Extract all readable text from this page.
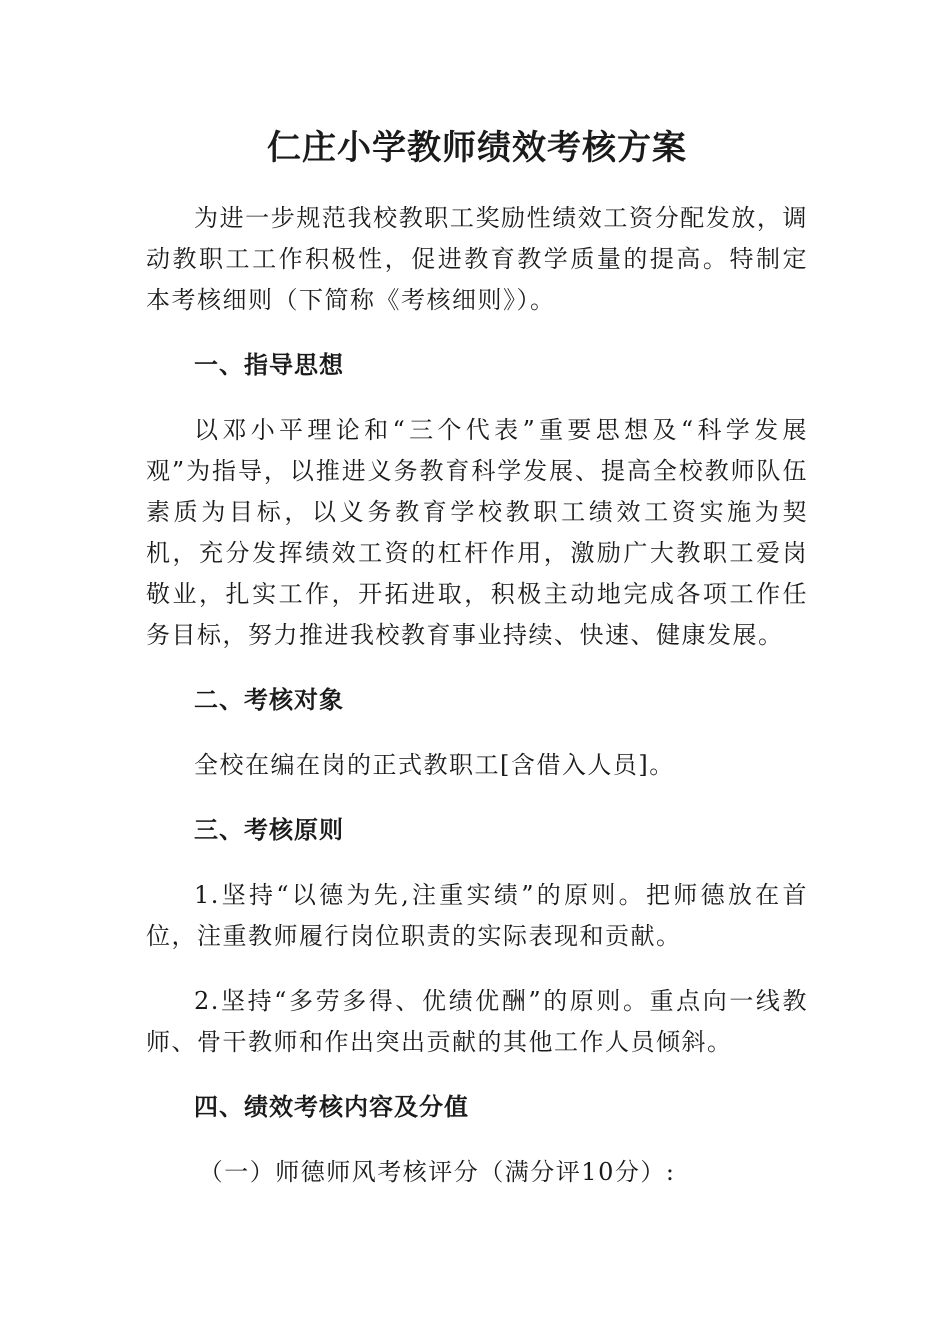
仁庄小学教师绩效考核方案

为进一步规范我校教职工奖励性绩效工资分配发放，调动教职工工作积极性，促进教育教学质量的提高。特制定本考核细则（下简称《考核细则》）。

一、指导思想

以邓小平理论和“三个代表”重要思想及“科学发展观”为指导，以推进义务教育科学发展、提高全校教师队伍素质为目标，以义务教育学校教职工绩效工资实施为契机，充分发挥绩效工资的杠杆作用，激励广大教职工爱岗敬业，扎实工作，开拓进取，积极主动地完成各项工作任务目标，努力推进我校教育事业持续、快速、健康发展。

二、考核对象

全校在编在岗的正式教职工[含借入人员]。

三、考核原则

1.坚持“以德为先,注重实绩”的原则。把师德放在首位，注重教师履行岗位职责的实际表现和贡献。

2.坚持“多劳多得、优绩优酬”的原则。重点向一线教师、骨干教师和作出突出贡献的其他工作人员倾斜。

四、绩效考核内容及分值

（一）师德师风考核评分（满分评10分）:
